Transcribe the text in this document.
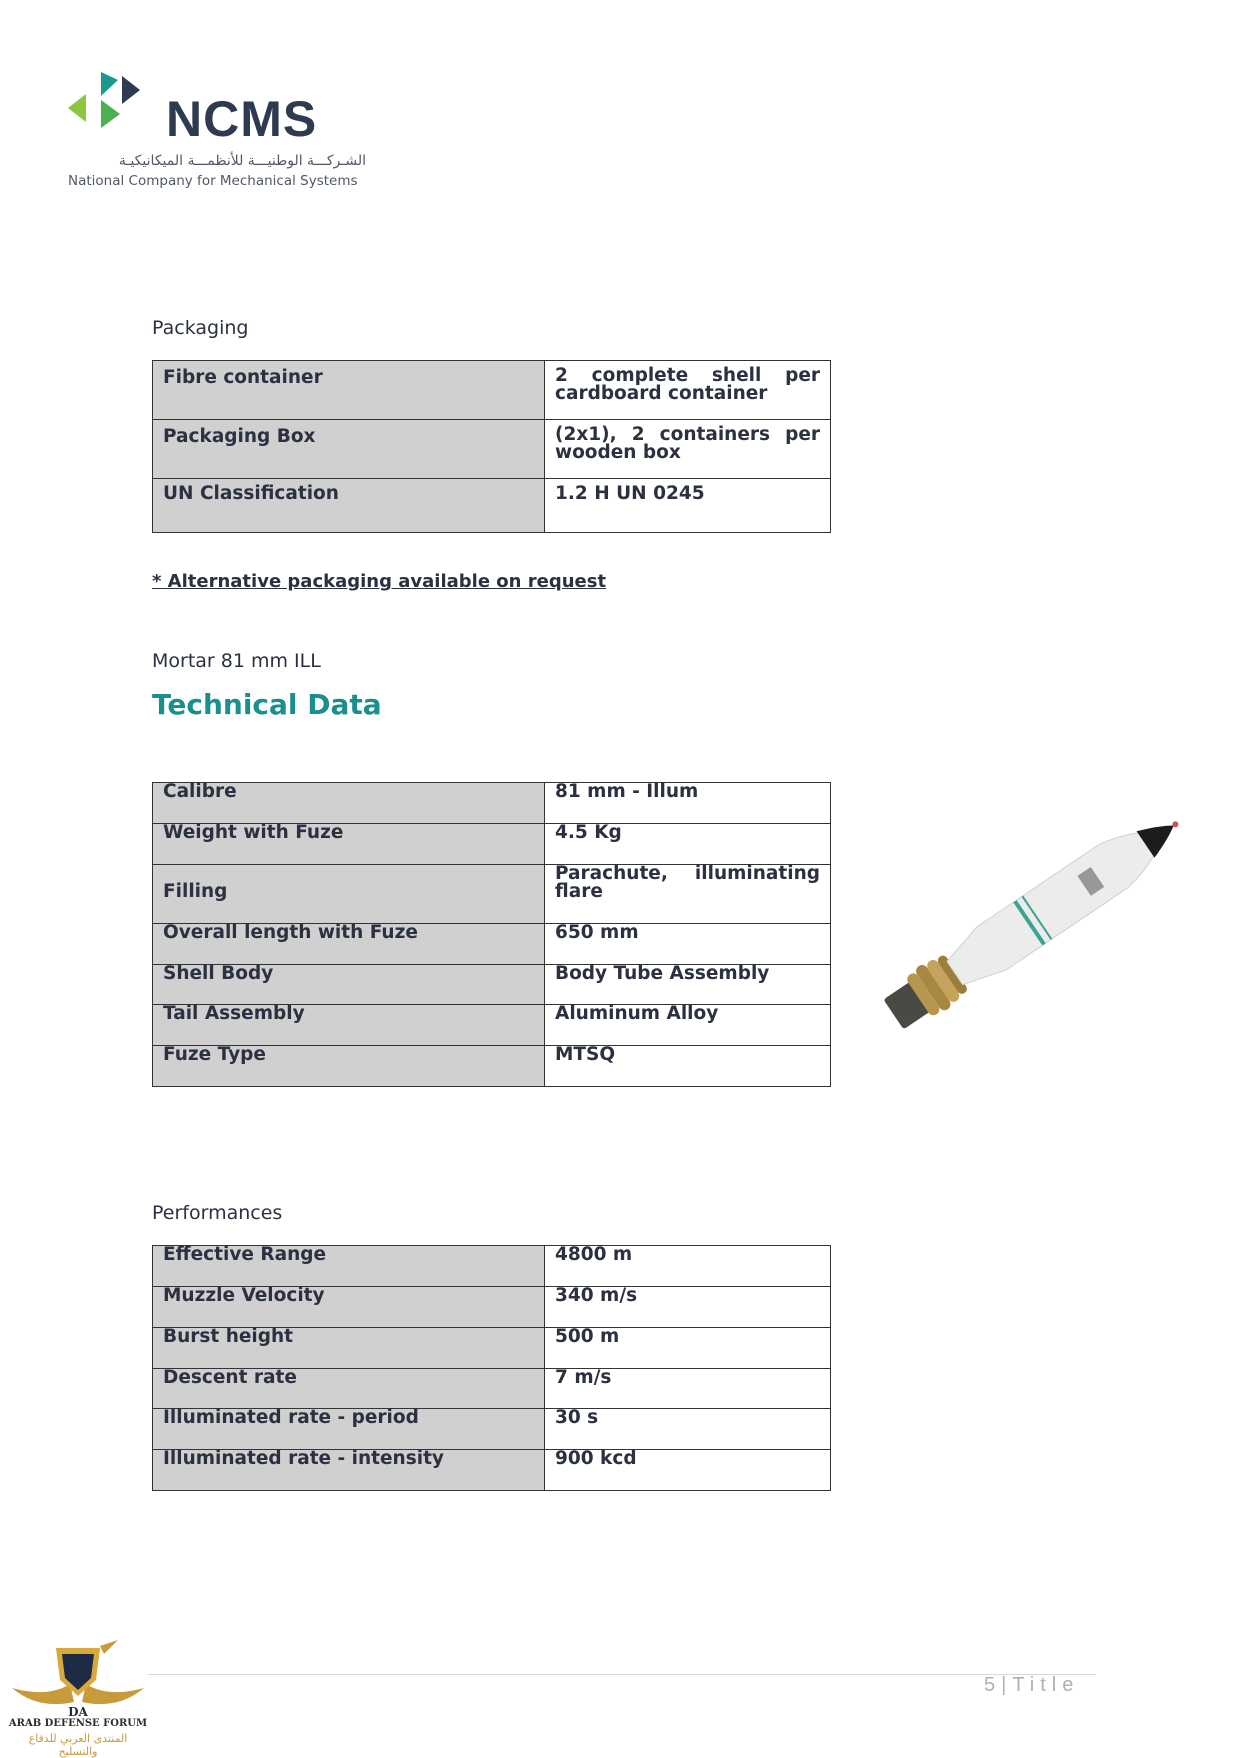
NCMS
الشـركـــة الوطنيـــة للأنظمـــة الميكانيكيـة
National Company for Mechanical Systems
Packaging
Fibre container	2 complete shell per cardboard container
Packaging Box	(2x1), 2 containers per wooden box
UN Classification	1.2 H UN 0245
* Alternative packaging available on request
Mortar 81 mm ILL
Technical Data
Calibre	81 mm - Illum
Weight with Fuze	4.5 Kg
Filling	Parachute, illuminating flare
Overall length with Fuze	650 mm
Shell Body	Body Tube Assembly
Tail Assembly	Aluminum Alloy
Fuze Type	MTSQ
Performances
Effective Range	4800 m
Muzzle Velocity	340 m/s
Burst height	500 m
Descent rate	7 m/s
Illuminated rate - period	30 s
Illuminated rate - intensity	900 kcd
5|Title
DA
ARAB DEFENSE FORUM
المنتدى العربي للدفاع والتسليح
